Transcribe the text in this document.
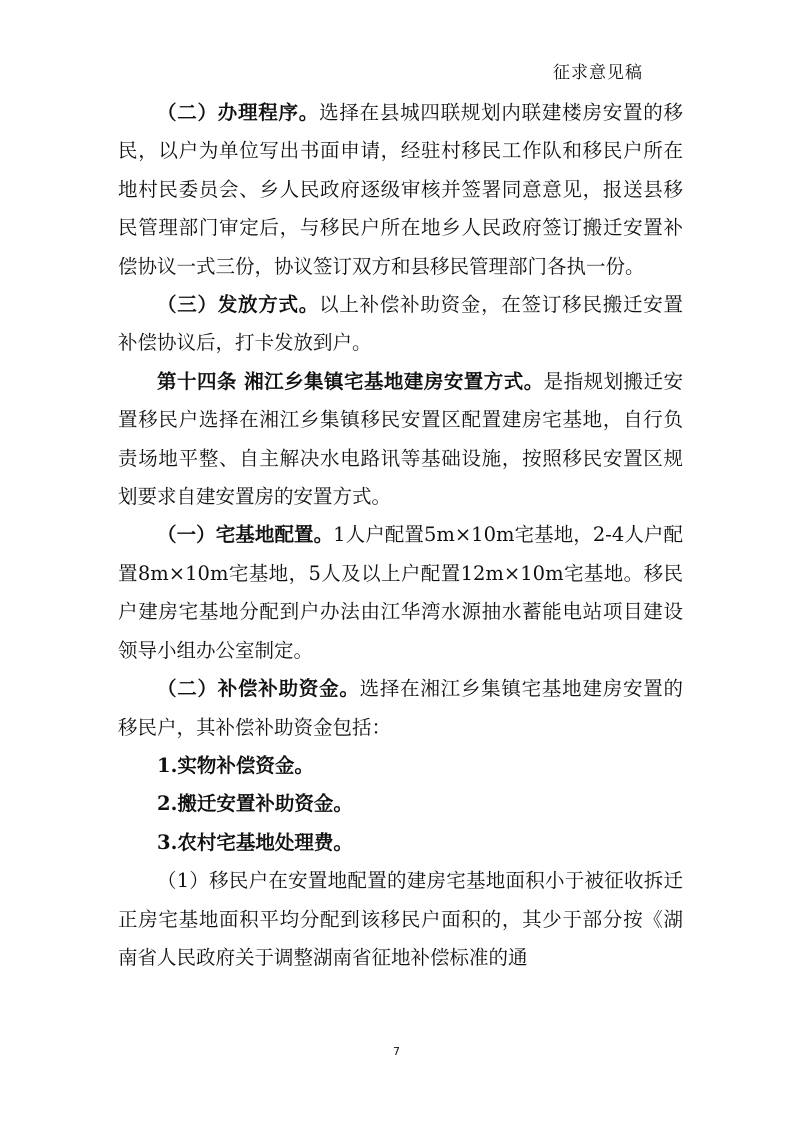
征求意见稿

（二）办理程序。选择在县城四联规划内联建楼房安置的移民，以户为单位写出书面申请，经驻村移民工作队和移民户所在地村民委员会、乡人民政府逐级审核并签署同意意见，报送县移民管理部门审定后，与移民户所在地乡人民政府签订搬迁安置补偿协议一式三份，协议签订双方和县移民管理部门各执一份。

（三）发放方式。以上补偿补助资金，在签订移民搬迁安置补偿协议后，打卡发放到户。

第十四条 湘江乡集镇宅基地建房安置方式。是指规划搬迁安置移民户选择在湘江乡集镇移民安置区配置建房宅基地，自行负责场地平整、自主解决水电路讯等基础设施，按照移民安置区规划要求自建安置房的安置方式。

（一）宅基地配置。1人户配置5m×10m宅基地，2-4人户配置8m×10m宅基地，5人及以上户配置12m×10m宅基地。移民户建房宅基地分配到户办法由江华湾水源抽水蓄能电站项目建设领导小组办公室制定。

（二）补偿补助资金。选择在湘江乡集镇宅基地建房安置的移民户，其补偿补助资金包括：

1.实物补偿资金。

2.搬迁安置补助资金。

3.农村宅基地处理费。

（1）移民户在安置地配置的建房宅基地面积小于被征收拆迁正房宅基地面积平均分配到该移民户面积的，其少于部分按《湖南省人民政府关于调整湖南省征地补偿标准的通

7
